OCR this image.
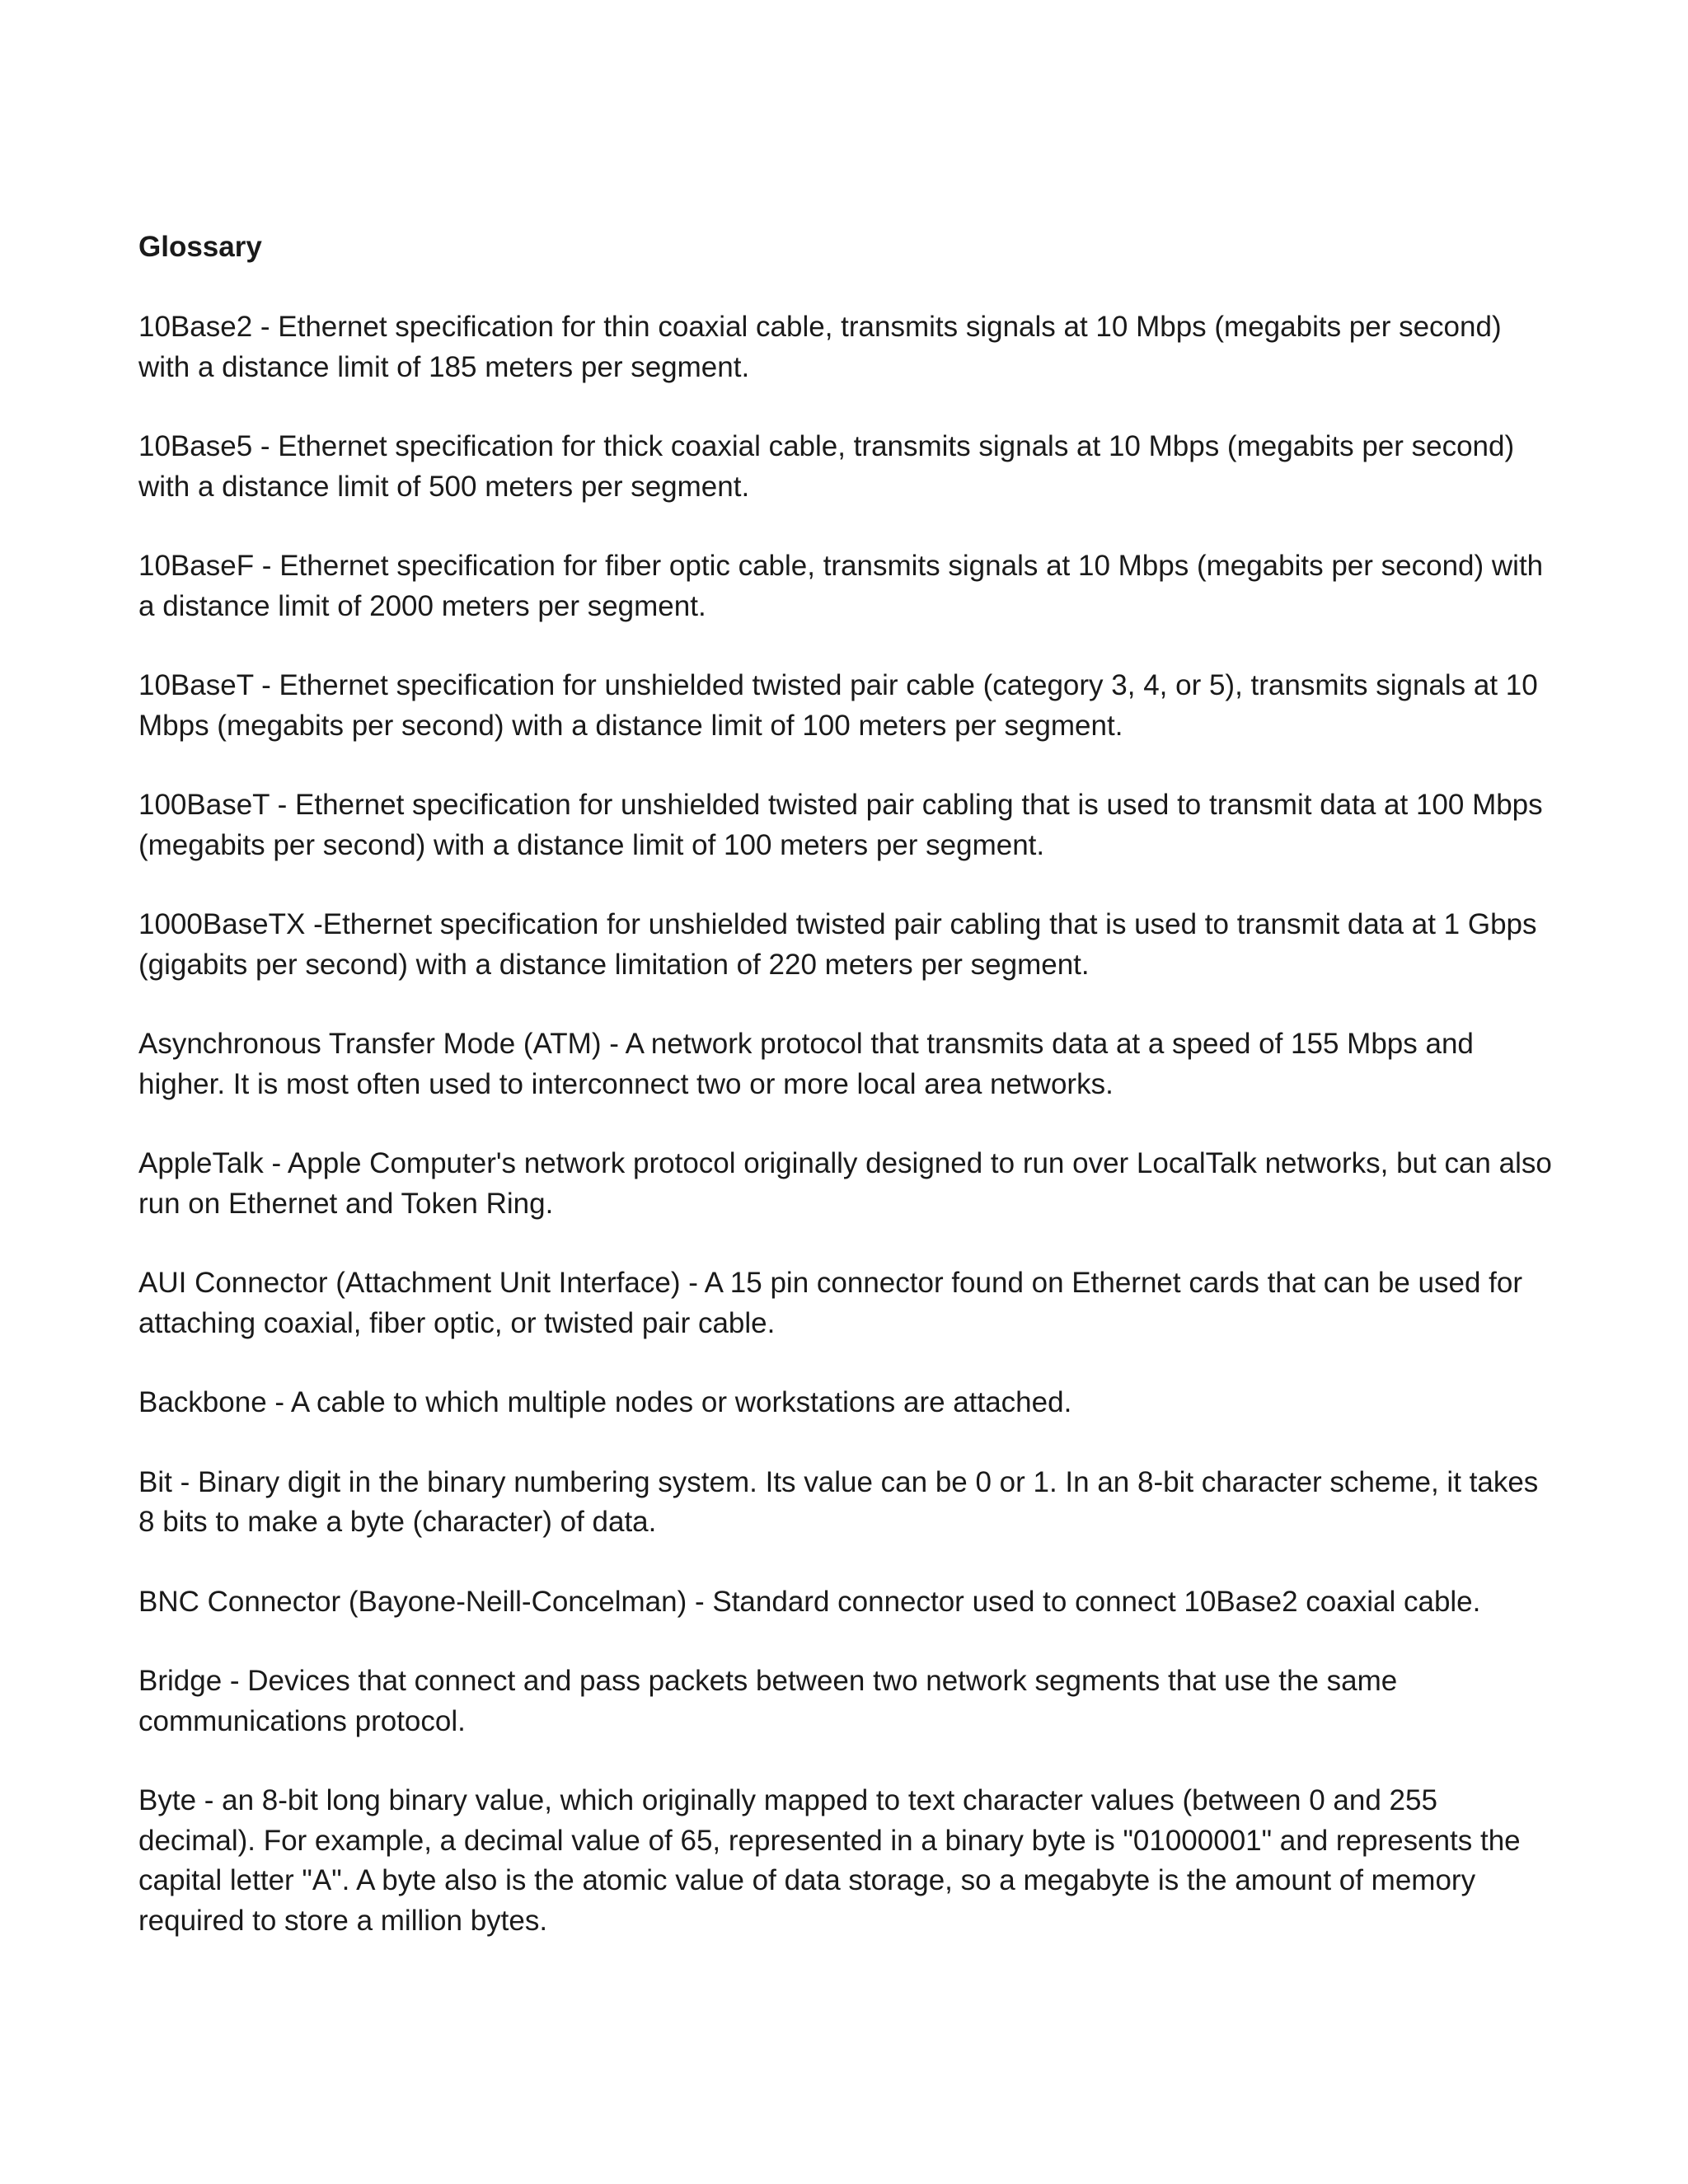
Glossary
10Base2 - Ethernet specification for thin coaxial cable, transmits signals at 10 Mbps (megabits per second) with a distance limit of 185 meters per segment.
10Base5 - Ethernet specification for thick coaxial cable, transmits signals at 10 Mbps (megabits per second) with a distance limit of 500 meters per segment.
10BaseF - Ethernet specification for fiber optic cable, transmits signals at 10 Mbps (megabits per second) with a distance limit of 2000 meters per segment.
10BaseT - Ethernet specification for unshielded twisted pair cable (category 3, 4, or 5), transmits signals at 10 Mbps (megabits per second) with a distance limit of 100 meters per segment.
100BaseT - Ethernet specification for unshielded twisted pair cabling that is used to transmit data at 100 Mbps (megabits per second) with a distance limit of 100 meters per segment.
1000BaseTX -Ethernet specification for unshielded twisted pair cabling that is used to transmit data at 1 Gbps (gigabits per second) with a distance limitation of 220 meters per segment.
Asynchronous Transfer Mode (ATM) - A network protocol that transmits data at a speed of 155 Mbps and higher. It is most often used to interconnect two or more local area networks.
AppleTalk - Apple Computer's network protocol originally designed to run over LocalTalk networks, but can also run on Ethernet and Token Ring.
AUI Connector (Attachment Unit Interface) - A 15 pin connector found on Ethernet cards that can be used for attaching coaxial, fiber optic, or twisted pair cable.
Backbone - A cable to which multiple nodes or workstations are attached.
Bit - Binary digit in the binary numbering system. Its value can be 0 or 1. In an 8-bit character scheme, it takes 8 bits to make a byte (character) of data.
BNC Connector (Bayone-Neill-Concelman) - Standard connector used to connect 10Base2 coaxial cable.
Bridge - Devices that connect and pass packets between two network segments that use the same communications protocol.
Byte - an 8-bit long binary value, which originally mapped to text character values (between 0 and 255 decimal). For example, a decimal value of 65, represented in a binary byte is "01000001" and represents the capital letter "A". A byte also is the atomic value of data storage, so a megabyte is the amount of memory required to store a million bytes.
